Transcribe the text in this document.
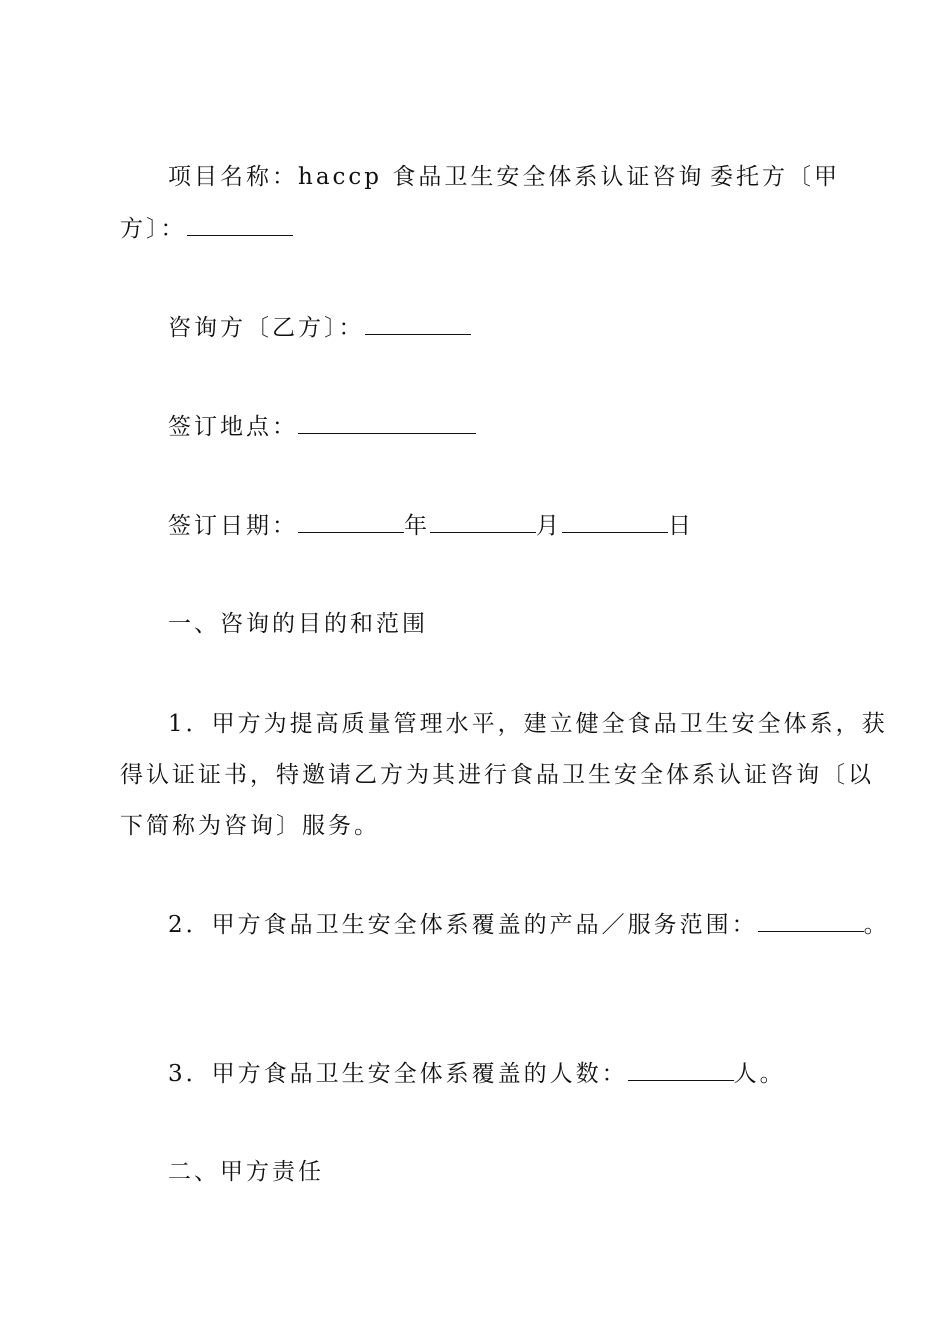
项目名称：haccp 食品卫生安全体系认证咨询 委托方〔甲
方〕：
咨询方〔乙方〕：
签订地点：
签订日期：	年	月	日
一、咨询的目的和范围
1．甲方为提高质量管理水平，建立健全食品卫生安全体系，获
得认证证书，特邀请乙方为其进行食品卫生安全体系认证咨询〔以
下简称为咨询〕服务。
2．甲方食品卫生安全体系覆盖的产品／服务范围：	。
3．甲方食品卫生安全体系覆盖的人数：	人。
二、甲方责任
